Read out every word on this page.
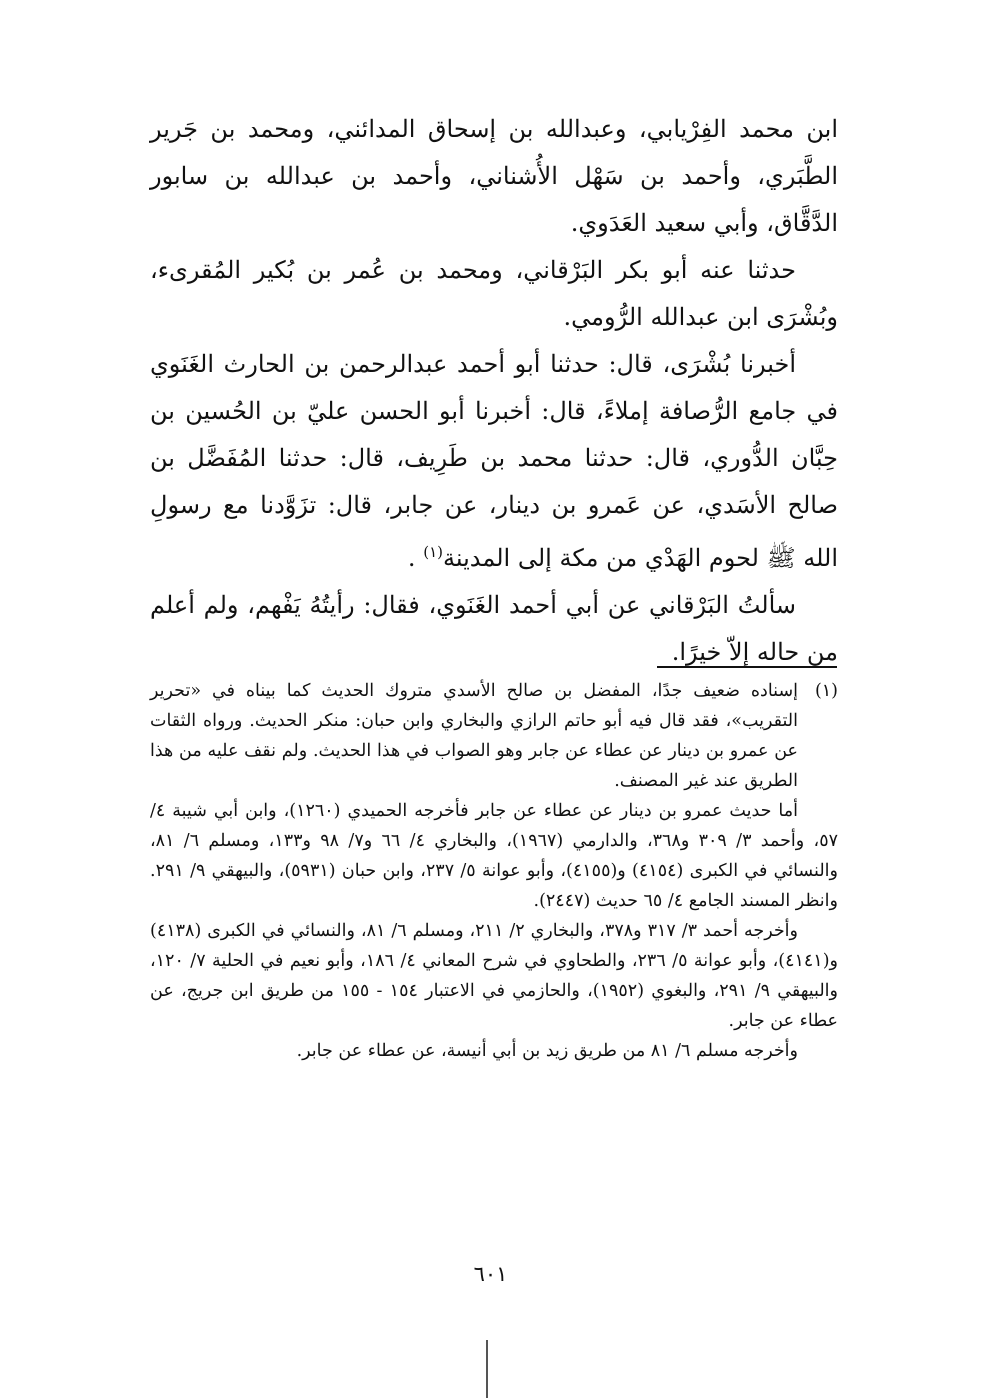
ابن محمد الفِرْيابي، وعبدالله بن إسحاق المدائني، ومحمد بن جَرير الطَّبَري، وأحمد بن سَهْل الأُشناني، وأحمد بن عبدالله بن سابور الدَّقَّاق، وأبي سعيد العَدَوي.

حدثنا عنه أبو بكر البَرْقاني، ومحمد بن عُمر بن بُكير المُقرىء، وبُشْرَى ابن عبدالله الرُّومي.

أخبرنا بُشْرَى، قال: حدثنا أبو أحمد عبدالرحمن بن الحارث الغَنَوي في جامع الرُّصافة إملاءً، قال: أخبرنا أبو الحسن عليّ بن الحُسين بن حِبَّان الدُّوري، قال: حدثنا محمد بن طَرِيف، قال: حدثنا المُفَضَّل بن صالح الأسَدي، عن عَمرو بن دينار، عن جابر، قال: تزَوَّدنا مع رسولِ الله ﷺ لحوم الهَدْي من مكة إلى المدينة$^{(١)}$ .

سألتُ البَرْقاني عن أبي أحمد الغَنَوي، فقال: رأيتُهُ يَفْهم، ولم أعلم من حاله إلاّ خيرًا.

(١)
إسناده ضعيف جدًا، المفضل بن صالح الأسدي متروك الحديث كما بيناه في «تحرير التقريب»، فقد قال فيه أبو حاتم الرازي والبخاري وابن حبان: منكر الحديث. ورواه الثقات عن عمرو بن دينار عن عطاء عن جابر وهو الصواب في هذا الحديث. ولم نقف عليه من هذا الطريق عند غير المصنف.

أما حديث عمرو بن دينار عن عطاء عن جابر فأخرجه الحميدي (١٢٦٠)، وابن أبي شيبة ٤/ ٥٧، وأحمد ٣/ ٣٠٩ و٣٦٨، والدارمي (١٩٦٧)، والبخاري ٤/ ٦٦ و٧/ ٩٨ و١٣٣، ومسلم ٦/ ٨١، والنسائي في الكبرى (٤١٥٤) و(٤١٥٥)، وأبو عوانة ٥/ ٢٣٧، وابن حبان (٥٩٣١)، والبيهقي ٩/ ٢٩١. وانظر المسند الجامع ٤/ ٦٥ حديث (٢٤٤٧).

وأخرجه أحمد ٣/ ٣١٧ و٣٧٨، والبخاري ٢/ ٢١١، ومسلم ٦/ ٨١، والنسائي في الكبرى (٤١٣٨) و(٤١٤١)، وأبو عوانة ٥/ ٢٣٦، والطحاوي في شرح المعاني ٤/ ١٨٦، وأبو نعيم في الحلية ٧/ ١٢٠، والبيهقي ٩/ ٢٩١، والبغوي (١٩٥٢)، والحازمي في الاعتبار ١٥٤ - ١٥٥ من طريق ابن جريج، عن عطاء عن جابر.

وأخرجه مسلم ٦/ ٨١ من طريق زيد بن أبي أنيسة، عن عطاء عن جابر.

٦٠١
